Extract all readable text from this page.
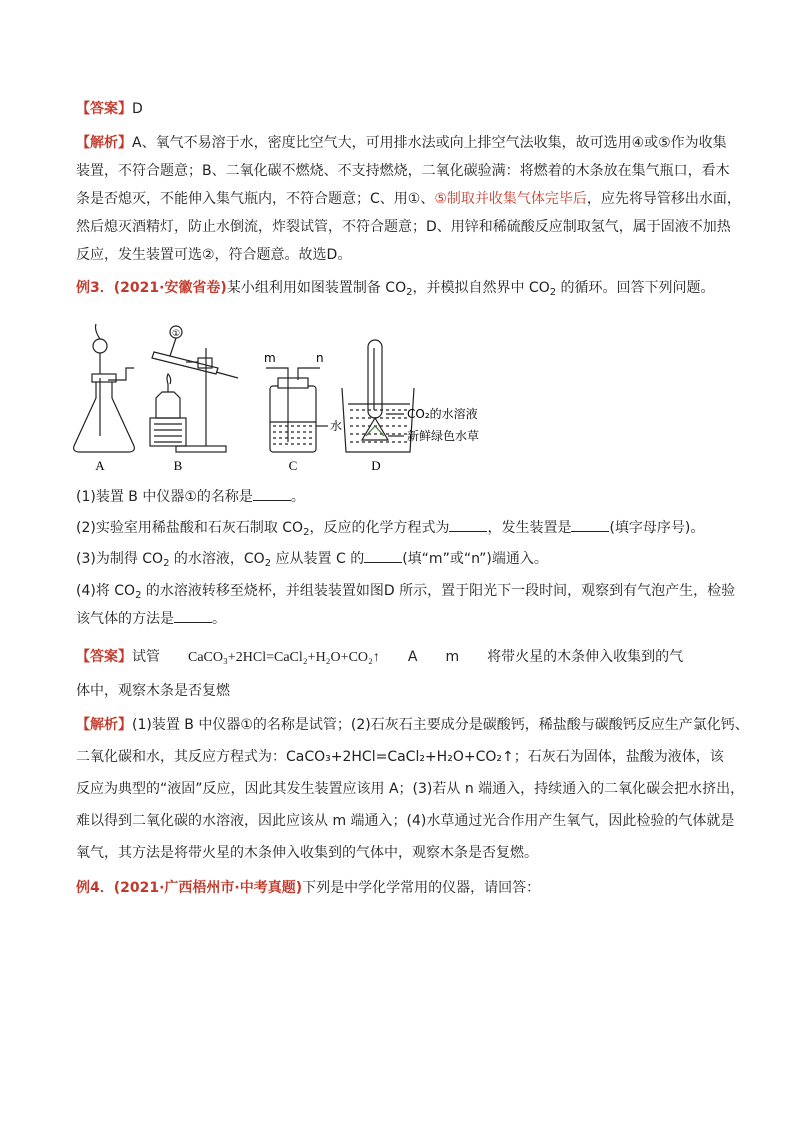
【答案】D
【解析】A、氧气不易溶于水，密度比空气大，可用排水法或向上排空气法收集，故可选用④或⑤作为收集
装置，不符合题意；B、二氧化碳不燃烧、不支持燃烧，二氧化碳验满：将燃着的木条放在集气瓶口，看木
条是否熄灭，不能伸入集气瓶内，不符合题意；C、用①、⑤制取并收集气体完毕后，应先将导管移出水面，
然后熄灭酒精灯，防止水倒流，炸裂试管，不符合题意；D、用锌和稀硫酸反应制取氢气，属于固液不加热
反应，发生装置可选②，符合题意。故选D。
例3．(2021·安徽省卷)某小组利用如图装置制备 $CO_2$，并模拟自然界中 $CO_2$ 的循环。回答下列问题。
A	B	C	D
①
m	n
水
CO₂的水溶液
新鲜绿色水草
(1)装置 B 中仪器①的名称是	。
(2)实验室用稀盐酸和石灰石制取 $CO_2$，反应的化学方程式为	，发生装置是	(填字母序号)。
(3)为制得 $CO_2$ 的水溶液，$CO_2$ 应从装置 C 的	(填“m”或“n”)端通入。
(4)将 $CO_2$ 的水溶液转移至烧杯，并组装装置如图D 所示，置于阳光下一段时间，观察到有气泡产生，检验
该气体的方法是	。
【答案】试管 CaCO₃+2HCl=CaCl₂+H₂O+CO₂↑ A m 将带火星的木条伸入收集到的气
体中，观察木条是否复燃
【解析】(1)装置 B 中仪器①的名称是试管；(2)石灰石主要成分是碳酸钙，稀盐酸与碳酸钙反应生产氯化钙、
二氧化碳和水，其反应方程式为：CaCO₃+2HCl=CaCl₂+H₂O+CO₂↑；石灰石为固体，盐酸为液体，该
反应为典型的“液固”反应，因此其发生装置应该用 A；(3)若从 n 端通入，持续通入的二氧化碳会把水挤出，
难以得到二氧化碳的水溶液，因此应该从 m 端通入；(4)水草通过光合作用产生氧气，因此检验的气体就是
氧气，其方法是将带火星的木条伸入收集到的气体中，观察木条是否复燃。
例4．(2021·广西梧州市·中考真题)下列是中学化学常用的仪器，请回答：
